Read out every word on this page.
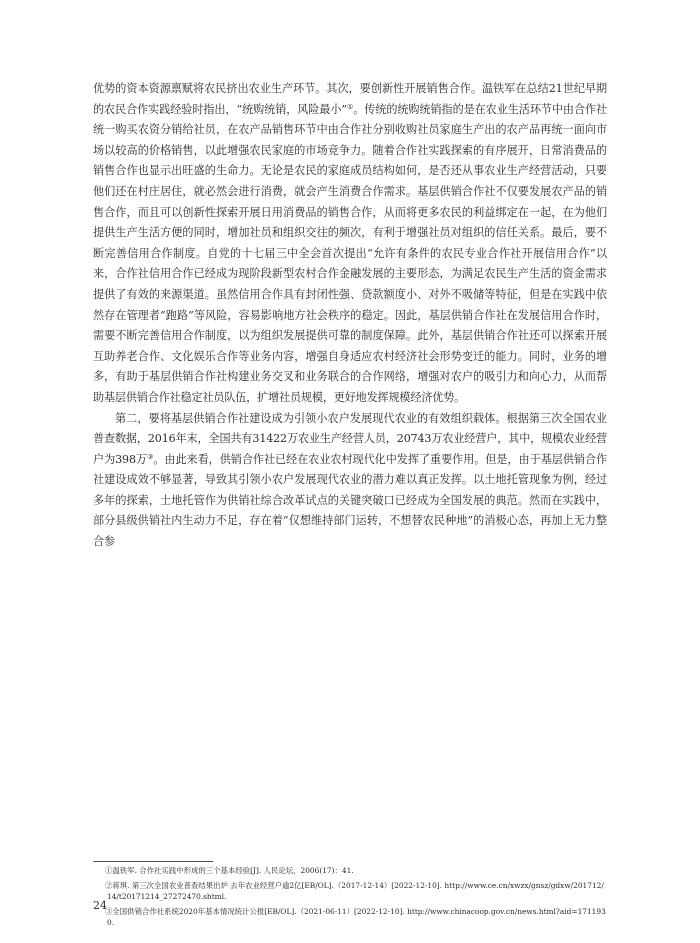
优势的资本资源禀赋将农民挤出农业生产环节。其次，要创新性开展销售合作。温铁军在总结21世纪早期的农民合作实践经验时指出，“统购统销，风险最小”①。传统的统购统销指的是在农业生活环节中由合作社统一购买农资分销给社员，在农产品销售环节中由合作社分别收购社员家庭生产出的农产品再统一面向市场以较高的价格销售，以此增强农民家庭的市场竞争力。随着合作社实践探索的有序展开，日常消费品的销售合作也显示出旺盛的生命力。无论是农民的家庭成员结构如何，是否还从事农业生产经营活动，只要他们还在村庄居住，就必然会进行消费，就会产生消费合作需求。基层供销合作社不仅要发展农产品的销售合作，而且可以创新性探索开展日用消费品的销售合作，从而将更多农民的利益绑定在一起，在为他们提供生产生活方便的同时，增加社员和组织交往的频次，有利于增强社员对组织的信任关系。最后，要不断完善信用合作制度。自党的十七届三中全会首次提出“允许有条件的农民专业合作社开展信用合作”以来，合作社信用合作已经成为现阶段新型农村合作金融发展的主要形态，为满足农民生产生活的资金需求提供了有效的来源渠道。虽然信用合作具有封闭性强、贷款额度小、对外不吸储等特征，但是在实践中依然存在管理者“跑路”等风险，容易影响地方社会秩序的稳定。因此，基层供销合作社在发展信用合作时，需要不断完善信用合作制度，以为组织发展提供可靠的制度保障。此外，基层供销合作社还可以探索开展互助养老合作、文化娱乐合作等业务内容，增强自身适应农村经济社会形势变迁的能力。同时，业务的增多，有助于基层供销合作社构建业务交叉和业务联合的合作网络，增强对农户的吸引力和向心力，从而帮助基层供销合作社稳定社员队伍，扩增社员规模，更好地发挥规模经济优势。

第二，要将基层供销合作社建设成为引领小农户发展现代农业的有效组织载体。根据第三次全国农业普查数据，2016年末，全国共有31422万农业生产经营人员，20743万农业经营户，其中，规模农业经营户为398万③。由此来看，供销合作社已经在农业农村现代化中发挥了重要作用。但是，由于基层供销合作社建设成效不够显著，导致其引领小农户发展现代农业的潜力难以真正发挥。以土地托管现象为例，经过多年的探索，土地托管作为供销社综合改革试点的关键突破口已经成为全国发展的典范。然而在实践中，部分县级供销社内生动力不足，存在着“仅想维持部门运转，不想替农民种地”的消极心态，再加上无力整合参

①温铁军. 合作社实践中形成的三个基本经验[J]. 人民论坛，2006(17)：41.

②蒋琪. 第三次全国农业普查结果出炉 去年农业经营户逾2亿[EB/OL].（2017-12-14）[2022-12-10]. http://www.ce.cn/xwzx/gnsz/gdxw/201712/14/t20171214_27272470.shtml.

③全国供销合作社系统2020年基本情况统计公报[EB/OL].（2021-06-11）[2022-12-10]. http://www.chinacoop.gov.cn/news.html?aid=1711930.

24
